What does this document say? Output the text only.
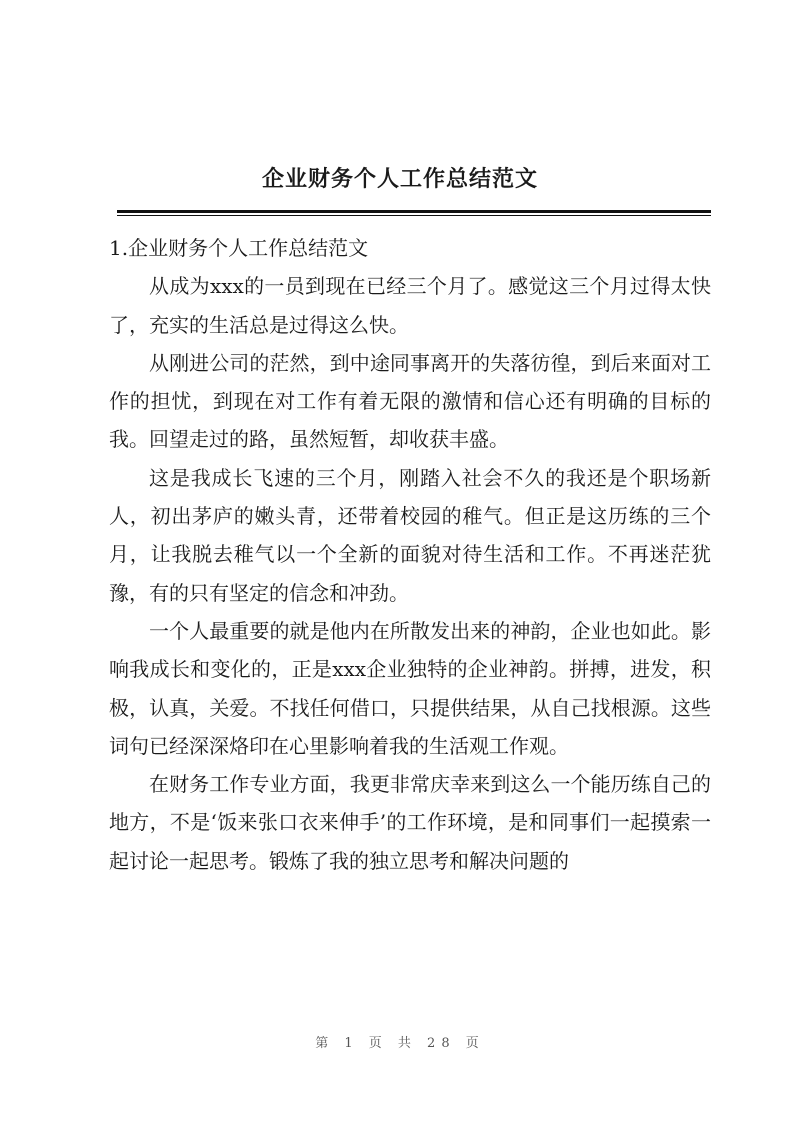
企业财务个人工作总结范文

1.企业财务个人工作总结范文

从成为xxx的一员到现在已经三个月了。感觉这三个月过得太快了，充实的生活总是过得这么快。

从刚进公司的茫然，到中途同事离开的失落彷徨，到后来面对工作的担忧，到现在对工作有着无限的激情和信心还有明确的目标的我。回望走过的路，虽然短暂，却收获丰盛。

这是我成长飞速的三个月，刚踏入社会不久的我还是个职场新人，初出茅庐的嫩头青，还带着校园的稚气。但正是这历练的三个月，让我脱去稚气以一个全新的面貌对待生活和工作。不再迷茫犹豫，有的只有坚定的信念和冲劲。

一个人最重要的就是他内在所散发出来的神韵，企业也如此。影响我成长和变化的，正是xxx企业独特的企业神韵。拼搏，进发，积极，认真，关爱。不找任何借口，只提供结果，从自己找根源。这些词句已经深深烙印在心里影响着我的生活观工作观。

在财务工作专业方面，我更非常庆幸来到这么一个能历练自己的地方，不是‘饭来张口衣来伸手’的工作环境，是和同事们一起摸索一起讨论一起思考。锻炼了我的独立思考和解决问题的

第 1 页 共 28 页
